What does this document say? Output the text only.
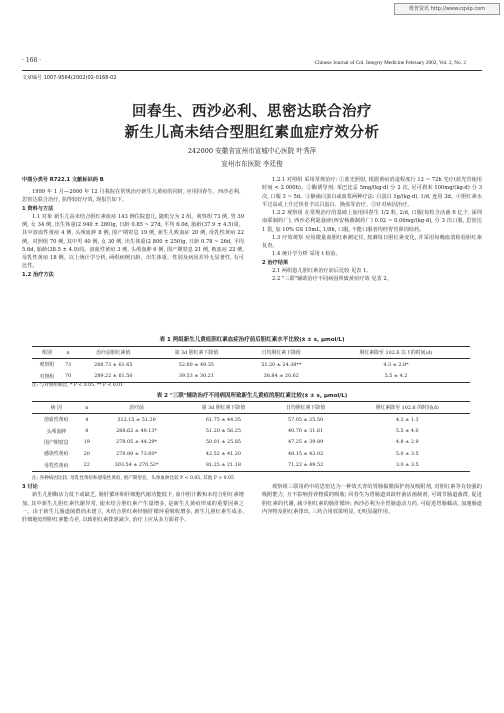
维普资讯 http://www.cqvip.com
· 168 ·	Chinese Journal of Cnl. Integrty Medicine February 2002, Vol. 2, No. 2
文章编号 1007-9564(2002)02-0168-02
回春生、西沙必利、思密达联合治疗
新生儿高未结合型胆红素血症疗效分析
242000 安徽省宣州市宣城中心医院 叶秀萍
宣州市东医院 李廷俊
中图分类号 R722.1 文献标识码 B

1999 年 1 月—2000 年 12 月我院在常规治疗新生儿黄疸的同时, 应用回春生、西沙必利、思密达联合治疗, 获得较好疗效, 现报告如下。

1 资料与方法

1.1 对象 新生儿高未结合胆红素血症 143 例住院患儿, 随机分为 2 组。观察组 73 例, 男 39 例, 女 34 例, 出生体重(2 940 ± 280)g, 日龄 0.85 ~ 27d, 平均 6.0d, 胎龄(37.9 ± 4.5)周。其中溶血性黄疸 4 例, 头颅血肿 8 例, 围产期窒息 19 例, 新生儿败血症 20 例, 母乳性黄疸 22 例。对照组 70 例, 其中男 40 例, 女 30 例, 出生体重(2 800 ± 250)g, 日龄 0.78 ~ 26d, 平均 5.6d, 胎龄(38.5 ± 4.0)周。溶血性黄疸 3 例, 头颅血肿 6 例, 围产期窒息 21 例, 败血症 22 例, 母乳性黄疸 18 例。以上统计学分析, 两组病例日龄、出生体重、性别及病因差异无显著性, 有可比性。

1.2 治疗方法

1.2.1 对照组 采用常规治疗: ①蓝光照射, 根据黄疸消退程度行 12 ~ 72h 光疗(蓝光管使用时间 < 2 000h)。②酶诱导剂: 苯巴比妥 5mg/(kg·d) 分 2 次, 尼可刹米 100mg/(kg·d) 分 3 次, 口服 3 ~ 5d。③静滴白蛋白或血浆两种疗法: 白蛋白 1g/(kg·d), 1/d, 连用 3d。④胆红素水平过高或上升过快者予以白蛋白、换血等治疗。⑤针对病因治疗。

1.2.2 观察组 在常规治疗的基础上加用回春生 1/2 粒, 2/d, 口服(每粒含活菌 6 亿个, 深圳南联制药厂), 西沙必利混悬液(西安杨森制药厂) 0.02 ~ 0.06mg/(kg·d), 分 3 次口服, 思密达 1 袋, 加 10% GS 15mL, 1/8h, 口服, 不能口服者均经胃管鼻饲给药。

1.3 疗效观察 应用微量血胆红素测定仪, 按测每日胆红素变化, 并采用每晚血清检验胆红素复查。

1.4 统计学分析 采用 t 检验。

2 治疗结果

2.1 两组患儿胆红素治疗前后比较 见表 1。

2.2 "三联"辅助治疗不同病因所致黄疸疗效 见表 2。

表 1 两组新生儿黄疸胆红素血症治疗前后胆红素水平比较(x̄ ± s, μmol/L)
组别	n	治疗前胆红素值	第 3d 胆红素下降值	日均胆红素下降值	胆红素降至 102.6 以下的时间(d)
观察组	73	288.73 ± 61.65	52.60 ± 49.35	51.20 ± 24.38**	4.3 ± 2.8*
对照组	70	289.22 ± 61.50	39.53 ± 30.21	38.84 ± 20.62	5.5 ± 4.2
注: 与对照组相比, * P < 0.05, ** P < 0.01
表 2 "三联"辅助治疗不同病因所致新生儿黄疸的胆红素比较(x̄ ± s, μmol/L)
病 因	n	治疗前	第 3d 胆红素下降值	日均胆红素下降值	胆红素降至 102.6 的时间(d)
溶血性黄疸	4	312.15 ± 51.20	61.75 ± 44.35	57.05 ± 25.50	4.2 ± 1.3
头颅血肿	8	288.62 ± 49.13*	51.20 ± 56.25	40.70 ± 31.61	5.5 ± 4.0
围产期窒息	19	278.05 ± 44.29*	50.01 ± 25.85	47.25 ± 39.89	4.8 ± 2.9
感染性黄疸	20	279.89 ± 73.60*	42.52 ± 41.20	48.15 ± 43.02	5.0 ± 3.5
母乳性黄疸	22	303.54 ± 270.52*	81.25 ± 21.18	71.22 ± 49.52	3.0 ± 3.5
注: 各种病因比较, 母乳性黄疸和感染性黄疸, 围产期窒息、头颅血肿比较 P < 0.05, 其他 P > 0.05

3 讨论

新生儿胆酶活力低下或缺乏, 肠肝循环和肝细胞代谢功能低下, 血中胆汁酸和未结合胆红素增加, 其中新生儿胆红素代谢异常, 使未结合胆红素产生量增多, 是新生儿黄疸形成的重要因素之一。由于新生儿肠道菌群尚未建立, 未结合胆红素经肠肝循环重吸收增多, 新生儿胆红素生成多, 肝细胞处理胆红素能力差, 以致胆红素排泄减少, 治疗上应从多方面着手。

观察组三联用药中的思密达为一种效天青的胃肠黏膜保护剂及吸附剂, 对胆红素等有较强的吸附能力, 且不影响营养物质的吸收; 回春生为胃肠道双歧杆菌活菌制剂, 可调节肠道菌群, 促进胆红素的代谢, 减少胆红素的肠肝循环; 西沙必利为全胃肠道动力药, 可促进胃肠蠕动, 加速肠道内容物及胆红素排出, 三药合用效果明显, 无明显副作用。
